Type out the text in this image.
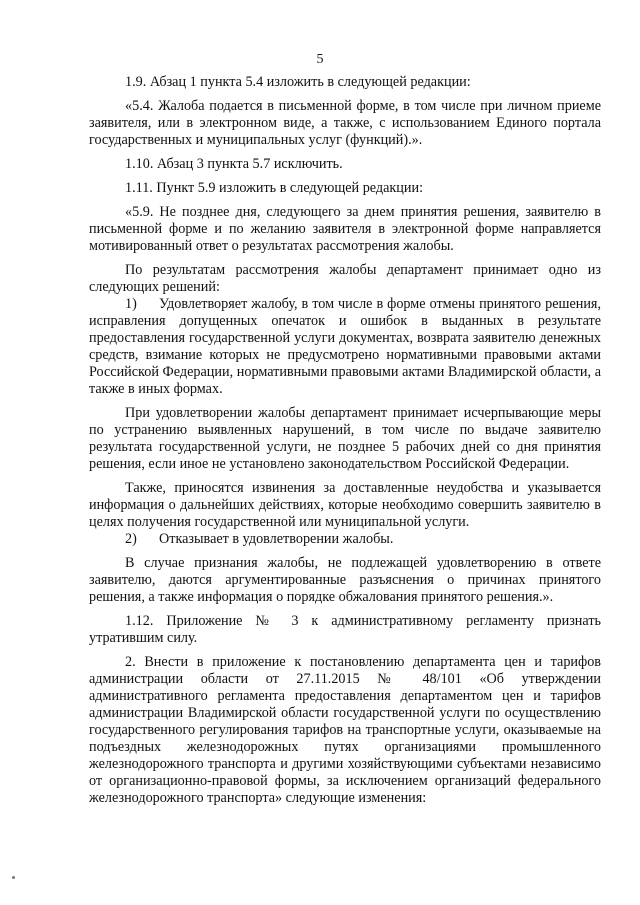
5

1.9. Абзац 1 пункта 5.4 изложить в следующей редакции:

«5.4. Жалоба подается в письменной форме, в том числе при личном приеме заявителя, или в электронном виде, а также, с использованием Единого портала государственных и муниципальных услуг (функций).».

1.10. Абзац 3 пункта 5.7 исключить.

1.11. Пункт 5.9 изложить в следующей редакции:

«5.9. Не позднее дня, следующего за днем принятия решения, заявителю в письменной форме и по желанию заявителя в электронной форме направляется мотивированный ответ о результатах рассмотрения жалобы.

По результатам рассмотрения жалобы департамент принимает одно из следующих решений:

1) Удовлетворяет жалобу, в том числе в форме отмены принятого решения, исправления допущенных опечаток и ошибок в выданных в результате предоставления государственной услуги документах, возврата заявителю денежных средств, взимание которых не предусмотрено нормативными правовыми актами Российской Федерации, нормативными правовыми актами Владимирской области, а также в иных формах.

При удовлетворении жалобы департамент принимает исчерпывающие меры по устранению выявленных нарушений, в том числе по выдаче заявителю результата государственной услуги, не позднее 5 рабочих дней со дня принятия решения, если иное не установлено законодательством Российской Федерации.

Также, приносятся извинения за доставленные неудобства и указывается информация о дальнейших действиях, которые необходимо совершить заявителю в целях получения государственной или муниципальной услуги.

2) Отказывает в удовлетворении жалобы.

В случае признания жалобы, не подлежащей удовлетворению в ответе заявителю, даются аргументированные разъяснения о причинах принятого решения, а также информация о порядке обжалования принятого решения.».

1.12. Приложение № 3 к административному регламенту признать утратившим силу.

2. Внести в приложение к постановлению департамента цен и тарифов администрации области от 27.11.2015 № 48/101 «Об утверждении административного регламента предоставления департаментом цен и тарифов администрации Владимирской области государственной услуги по осуществлению государственного регулирования тарифов на транспортные услуги, оказываемые на подъездных железнодорожных путях организациями промышленного железнодорожного транспорта и другими хозяйствующими субъектами независимо от организационно-правовой формы, за исключением организаций федерального железнодорожного транспорта» следующие изменения:
